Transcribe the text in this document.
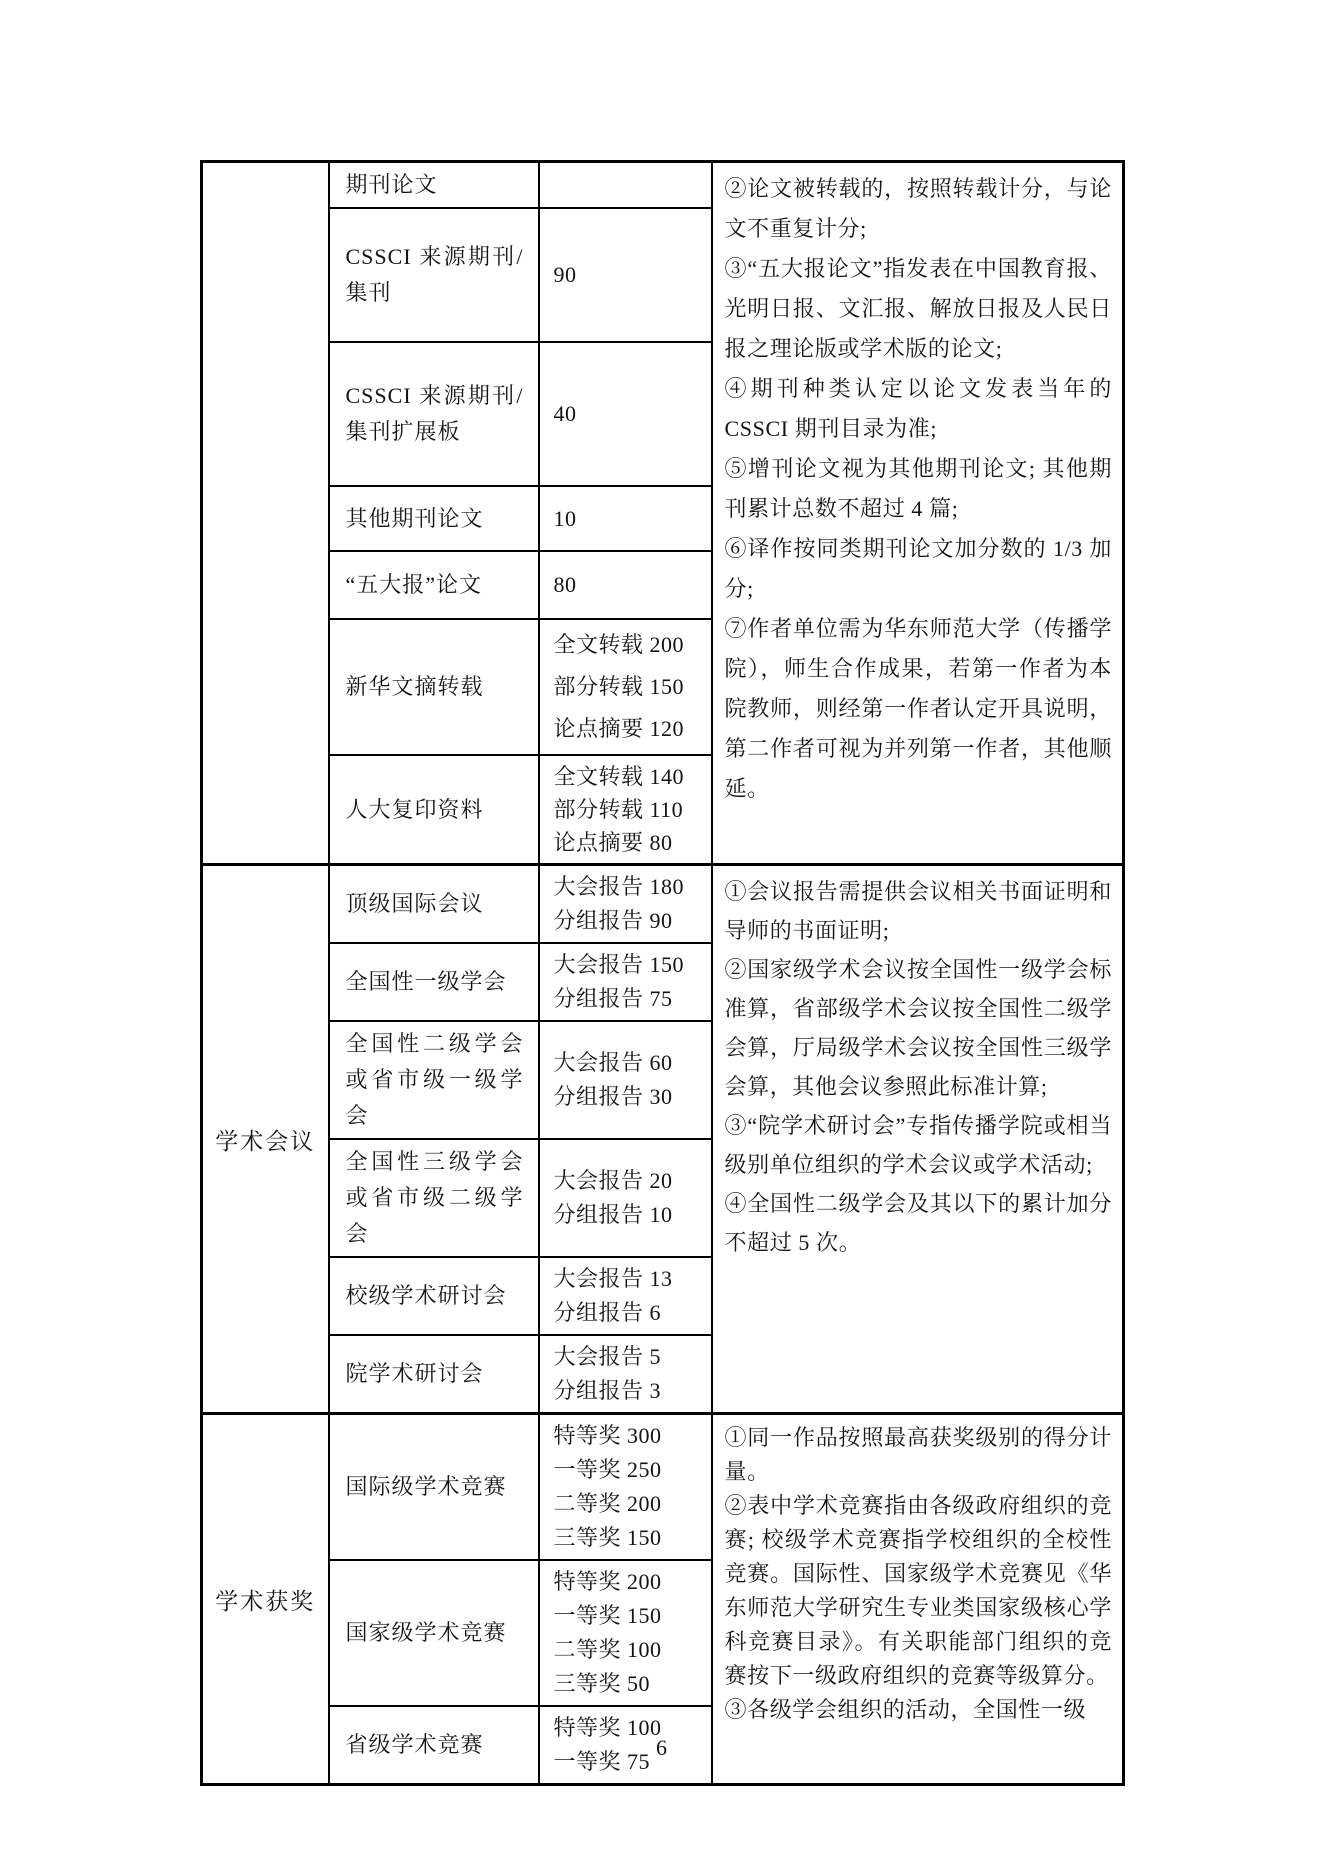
	期刊论文		②论文被转载的，按照转载计分，与论文不重复计分;
③“五大报论文”指发表在中国教育报、光明日报、文汇报、解放日报及人民日报之理论版或学术版的论文;
④期刊种类认定以论文发表当年的CSSCI 期刊目录为准;
⑤增刊论文视为其他期刊论文; 其他期刊累计总数不超过 4 篇;
⑥译作按同类期刊论文加分数的 1/3 加分;
⑦作者单位需为华东师范大学（传播学院），师生合作成果，若第一作者为本院教师，则经第一作者认定开具说明，第二作者可视为并列第一作者，其他顺延。

	CSSCI 来源期刊/集刊	90	

	CSSCI 来源期刊/集刊扩展板	40	

	其他期刊论文	10	

	“五大报”论文	80	

	新华文摘转载	全文转载 200
部分转载 150
论点摘要 120	

	人大复印资料	全文转载 140
部分转载 110
论点摘要 80	

学术会议	顶级国际会议	
大会报告 180
分组报告 90

①会议报告需提供会议相关书面证明和导师的书面证明;
②国家级学术会议按全国性一级学会标准算，省部级学术会议按全国性二级学会算，厅局级学术会议按全国性三级学会算，其他会议参照此标准计算;
③“院学术研讨会”专指传播学院或相当级别单位组织的学术会议或学术活动;
④全国性二级学会及其以下的累计加分不超过 5 次。

	全国性一级学会	大会报告 150
分组报告 75	

	全国性二级学会或省市级一级学会	大会报告 60
分组报告 30	

	全国性三级学会或省市级二级学会	大会报告 20
分组报告 10	

	校级学术研讨会	大会报告 13
分组报告 6	

	院学术研讨会	大会报告 5
分组报告 3	

学术获奖	国际级学术竞赛	
特等奖 300
一等奖 250
二等奖 200
三等奖 150

①同一作品按照最高获奖级别的得分计量。
②表中学术竞赛指由各级政府组织的竞赛; 校级学术竞赛指学校组织的全校性竞赛。国际性、国家级学术竞赛见《华东师范大学研究生专业类国家级核心学科竞赛目录》。有关职能部门组织的竞赛按下一级政府组织的竞赛等级算分。
③各级学会组织的活动，全国性一级

	国家级学术竞赛	特等奖 200
一等奖 150
二等奖 100
三等奖 50	

	省级学术竞赛	特等奖 100
一等奖 75	
6
